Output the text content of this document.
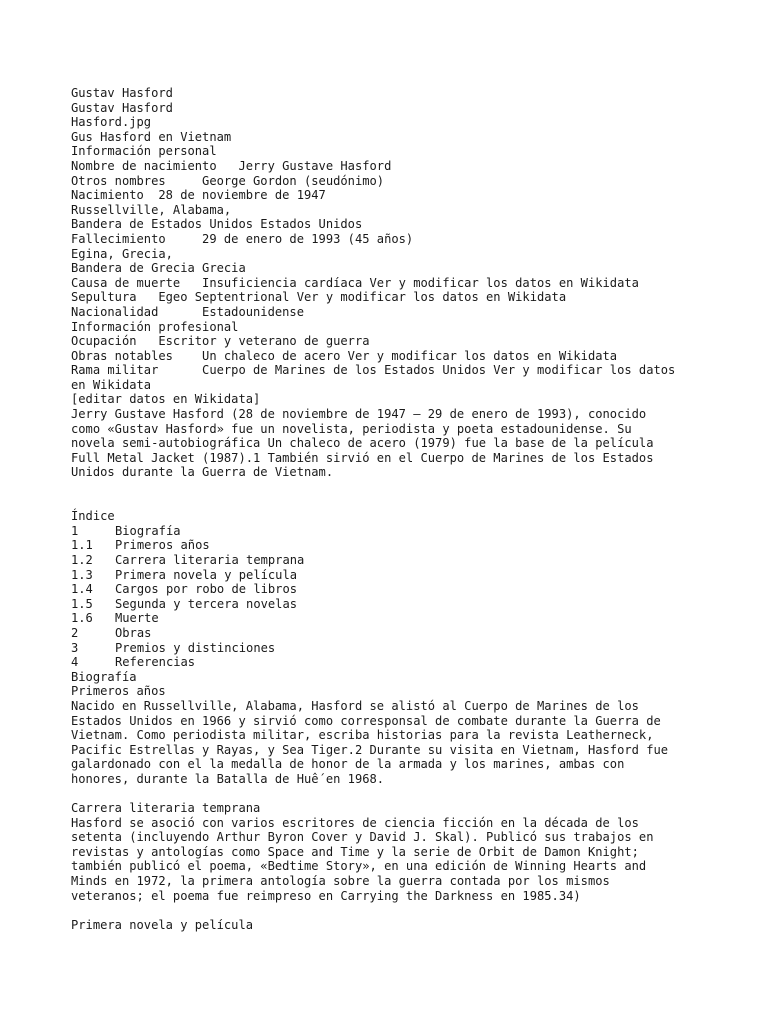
Gustav Hasford
Gustav Hasford
Hasford.jpg
Gus Hasford en Vietnam
Información personal
Nombre de nacimiento   Jerry Gustave Hasford
Otros nombres     George Gordon (seudónimo)
Nacimiento  28 de noviembre de 1947
Russellville, Alabama,
Bandera de Estados Unidos Estados Unidos
Fallecimiento     29 de enero de 1993 (45 años)
Egina, Grecia,
Bandera de Grecia Grecia
Causa de muerte   Insuficiencia cardíaca Ver y modificar los datos en Wikidata
Sepultura   Egeo Septentrional Ver y modificar los datos en Wikidata
Nacionalidad      Estadounidense
Información profesional
Ocupación   Escritor y veterano de guerra
Obras notables    Un chaleco de acero Ver y modificar los datos en Wikidata
Rama militar      Cuerpo de Marines de los Estados Unidos Ver y modificar los datos
en Wikidata
[editar datos en Wikidata]
Jerry Gustave Hasford (28 de noviembre de 1947 – 29 de enero de 1993), conocido
como «Gustav Hasford» fue un novelista, periodista y poeta estadounidense. Su
novela semi-autobiográfica Un chaleco de acero (1979) fue la base de la película
Full Metal Jacket (1987).1 También sirvió en el Cuerpo de Marines de los Estados
Unidos durante la Guerra de Vietnam.
Índice
1	Biografía
1.1 Primeros años
1.2 Carrera literaria temprana
1.3 Primera novela y película
1.4 Cargos por robo de libros
1.5 Segunda y tercera novelas
1.6 Muerte
2	Obras
3	Premios y distinciones
4	Referencias
Biografía
Primeros años
Nacido en Russellville, Alabama, Hasford se alistó al Cuerpo de Marines de los
Estados Unidos en 1966 y sirvió como corresponsal de combate durante la Guerra de
Vietnam. Como periodista militar, escriba historias para la revista Leatherneck,
Pacific Estrellas y Rayas, y Sea Tiger.2 Durante su visita en Vietnam, Hasford fue
galardonado con el la medalla de honor de la armada y los marines, ambas con
honores, durante la Batalla de Huế en 1968.
Carrera literaria temprana
Hasford se asoció con varios escritores de ciencia ficción en la década de los
setenta (incluyendo Arthur Byron Cover y David J. Skal). Publicó sus trabajos en
revistas y antologías como Space and Time y la serie de Orbit de Damon Knight;
también publicó el poema, «Bedtime Story», en una edición de Winning Hearts and
Minds en 1972, la primera antología sobre la guerra contada por los mismos
veteranos; el poema fue reimpreso en Carrying the Darkness en 1985.34)
Primera novela y película
